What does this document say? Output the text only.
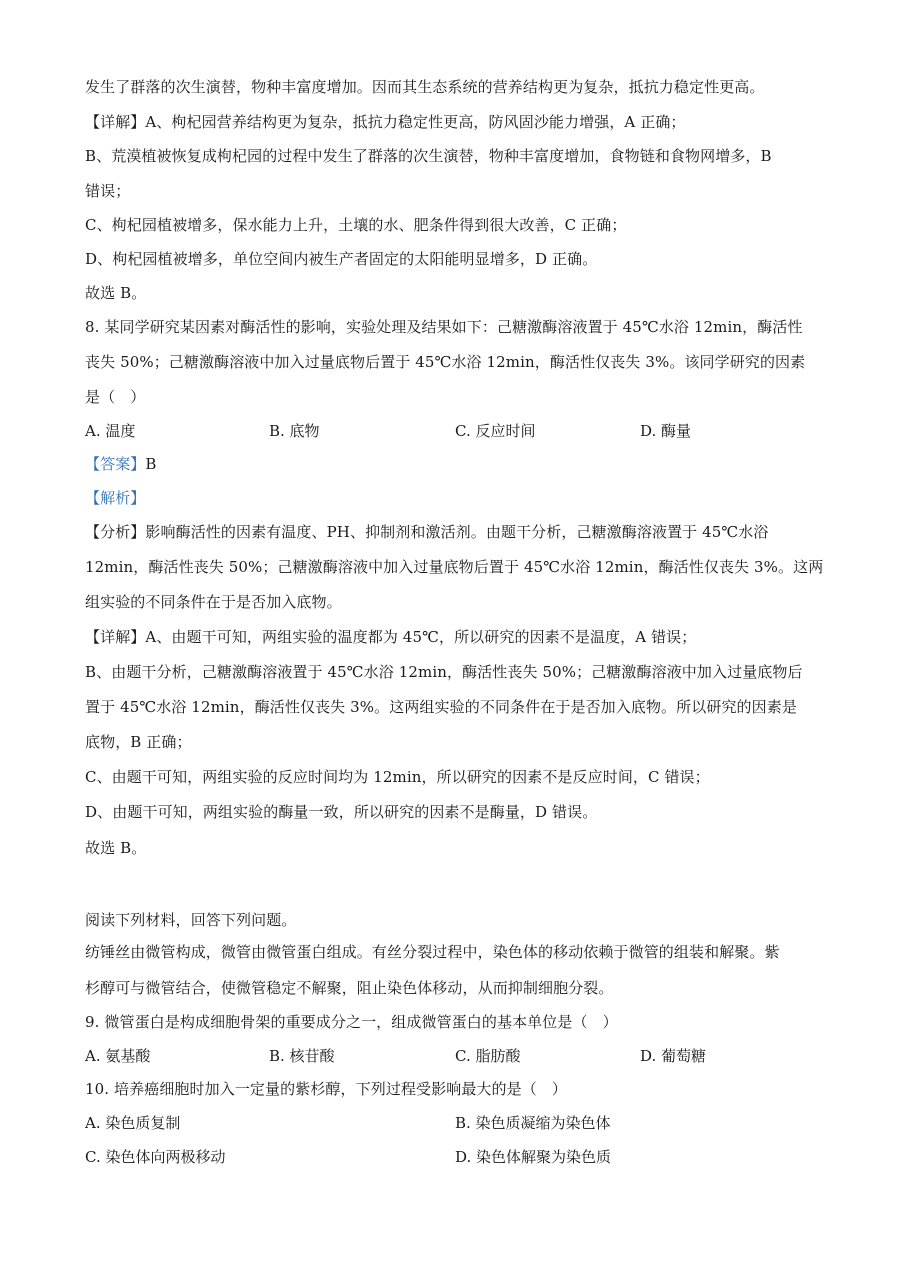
发生了群落的次生演替，物种丰富度增加。因而其生态系统的营养结构更为复杂，抵抗力稳定性更高。
【详解】A、枸杞园营养结构更为复杂，抵抗力稳定性更高，防风固沙能力增强，A 正确；
B、荒漠植被恢复成枸杞园的过程中发生了群落的次生演替，物种丰富度增加，食物链和食物网增多，B
错误；
C、枸杞园植被增多，保水能力上升，土壤的水、肥条件得到很大改善，C 正确；
D、枸杞园植被增多，单位空间内被生产者固定的太阳能明显增多，D 正确。
故选 B。
8. 某同学研究某因素对酶活性的影响，实验处理及结果如下：己糖激酶溶液置于 45℃水浴 12min，酶活性
丧失 50%；己糖激酶溶液中加入过量底物后置于 45℃水浴 12min，酶活性仅丧失 3%。该同学研究的因素
是（　）
A. 温度	B. 底物	C. 反应时间	D. 酶量
【答案】B
【解析】
【分析】影响酶活性的因素有温度、PH、抑制剂和激活剂。由题干分析，己糖激酶溶液置于 45℃水浴
12min，酶活性丧失 50%；己糖激酶溶液中加入过量底物后置于 45℃水浴 12min，酶活性仅丧失 3%。这两
组实验的不同条件在于是否加入底物。
【详解】A、由题干可知，两组实验的温度都为 45℃，所以研究的因素不是温度，A 错误；
B、由题干分析，己糖激酶溶液置于 45℃水浴 12min，酶活性丧失 50%；己糖激酶溶液中加入过量底物后
置于 45℃水浴 12min，酶活性仅丧失 3%。这两组实验的不同条件在于是否加入底物。所以研究的因素是
底物，B 正确；
C、由题干可知，两组实验的反应时间均为 12min，所以研究的因素不是反应时间，C 错误；
D、由题干可知，两组实验的酶量一致，所以研究的因素不是酶量，D 错误。
故选 B。
阅读下列材料，回答下列问题。
纺锤丝由微管构成，微管由微管蛋白组成。有丝分裂过程中，染色体的移动依赖于微管的组装和解聚。紫
杉醇可与微管结合，使微管稳定不解聚，阻止染色体移动，从而抑制细胞分裂。
9. 微管蛋白是构成细胞骨架的重要成分之一，组成微管蛋白的基本单位是（　）
A. 氨基酸	B. 核苷酸	C. 脂肪酸	D. 葡萄糖
10. 培养癌细胞时加入一定量的紫杉醇，下列过程受影响最大的是（　）
A. 染色质复制	B. 染色质凝缩为染色体
C. 染色体向两极移动	D. 染色体解聚为染色质
